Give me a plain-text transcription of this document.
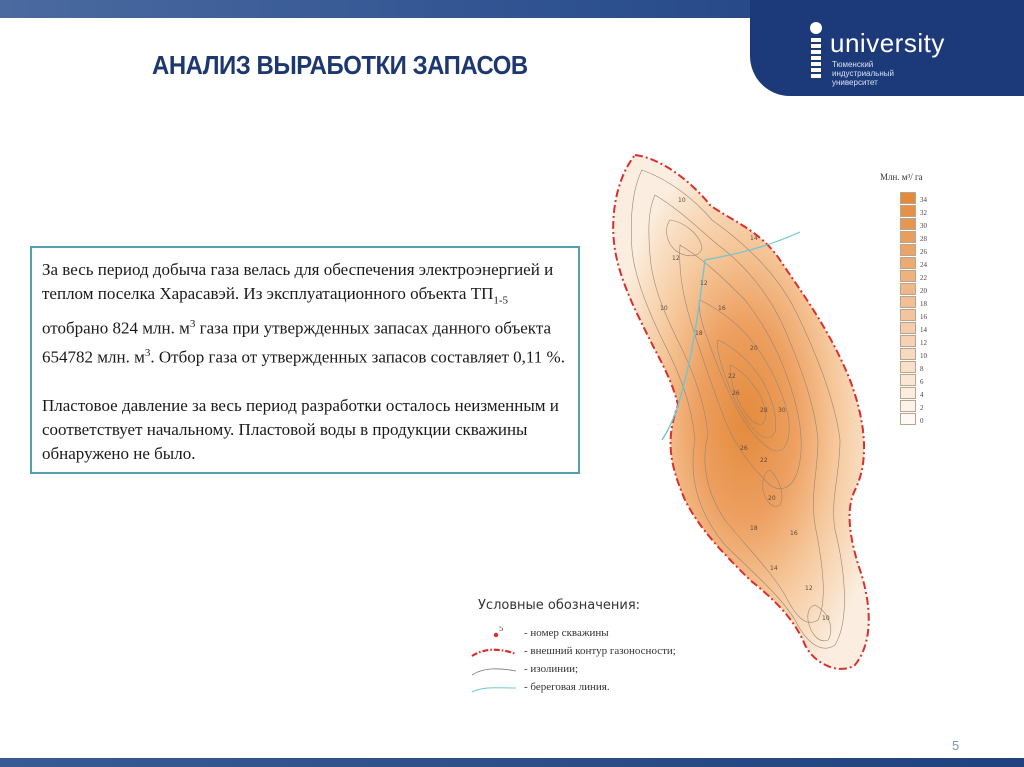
university
Тюменский
индустриальный
университет
АНАЛИЗ ВЫРАБОТКИ ЗАПАСОВ

За весь период добыча газа велась для обеспечения электроэнергией и теплом поселка Харасавэй. Из эксплуатационного объекта $ТП_{1-5}$ отобрано 824 млн. $м^3$ газа при утвержденных запасах данного объекта 654782 млн. $м^3$. Отбор газа от утвержденных запасов составляет 0,11 %.

Пластовое давление за весь период разработки осталось неизменным и соответствует начальному. Пластовой воды в продукции скважины обнаружено не было.

10
14
12
12
16
18
20
22
26
28 30
26
22
20
18
16
14
12
10
10
Млн. м³/ га
34
32
30
28
26
24
22
20
18
16
14
12
10
8
6
4
2
0
Условные обозначения:
5 - номер скважины
- внешний контур газоносности;
- изолинии;
- береговая линия.
5
